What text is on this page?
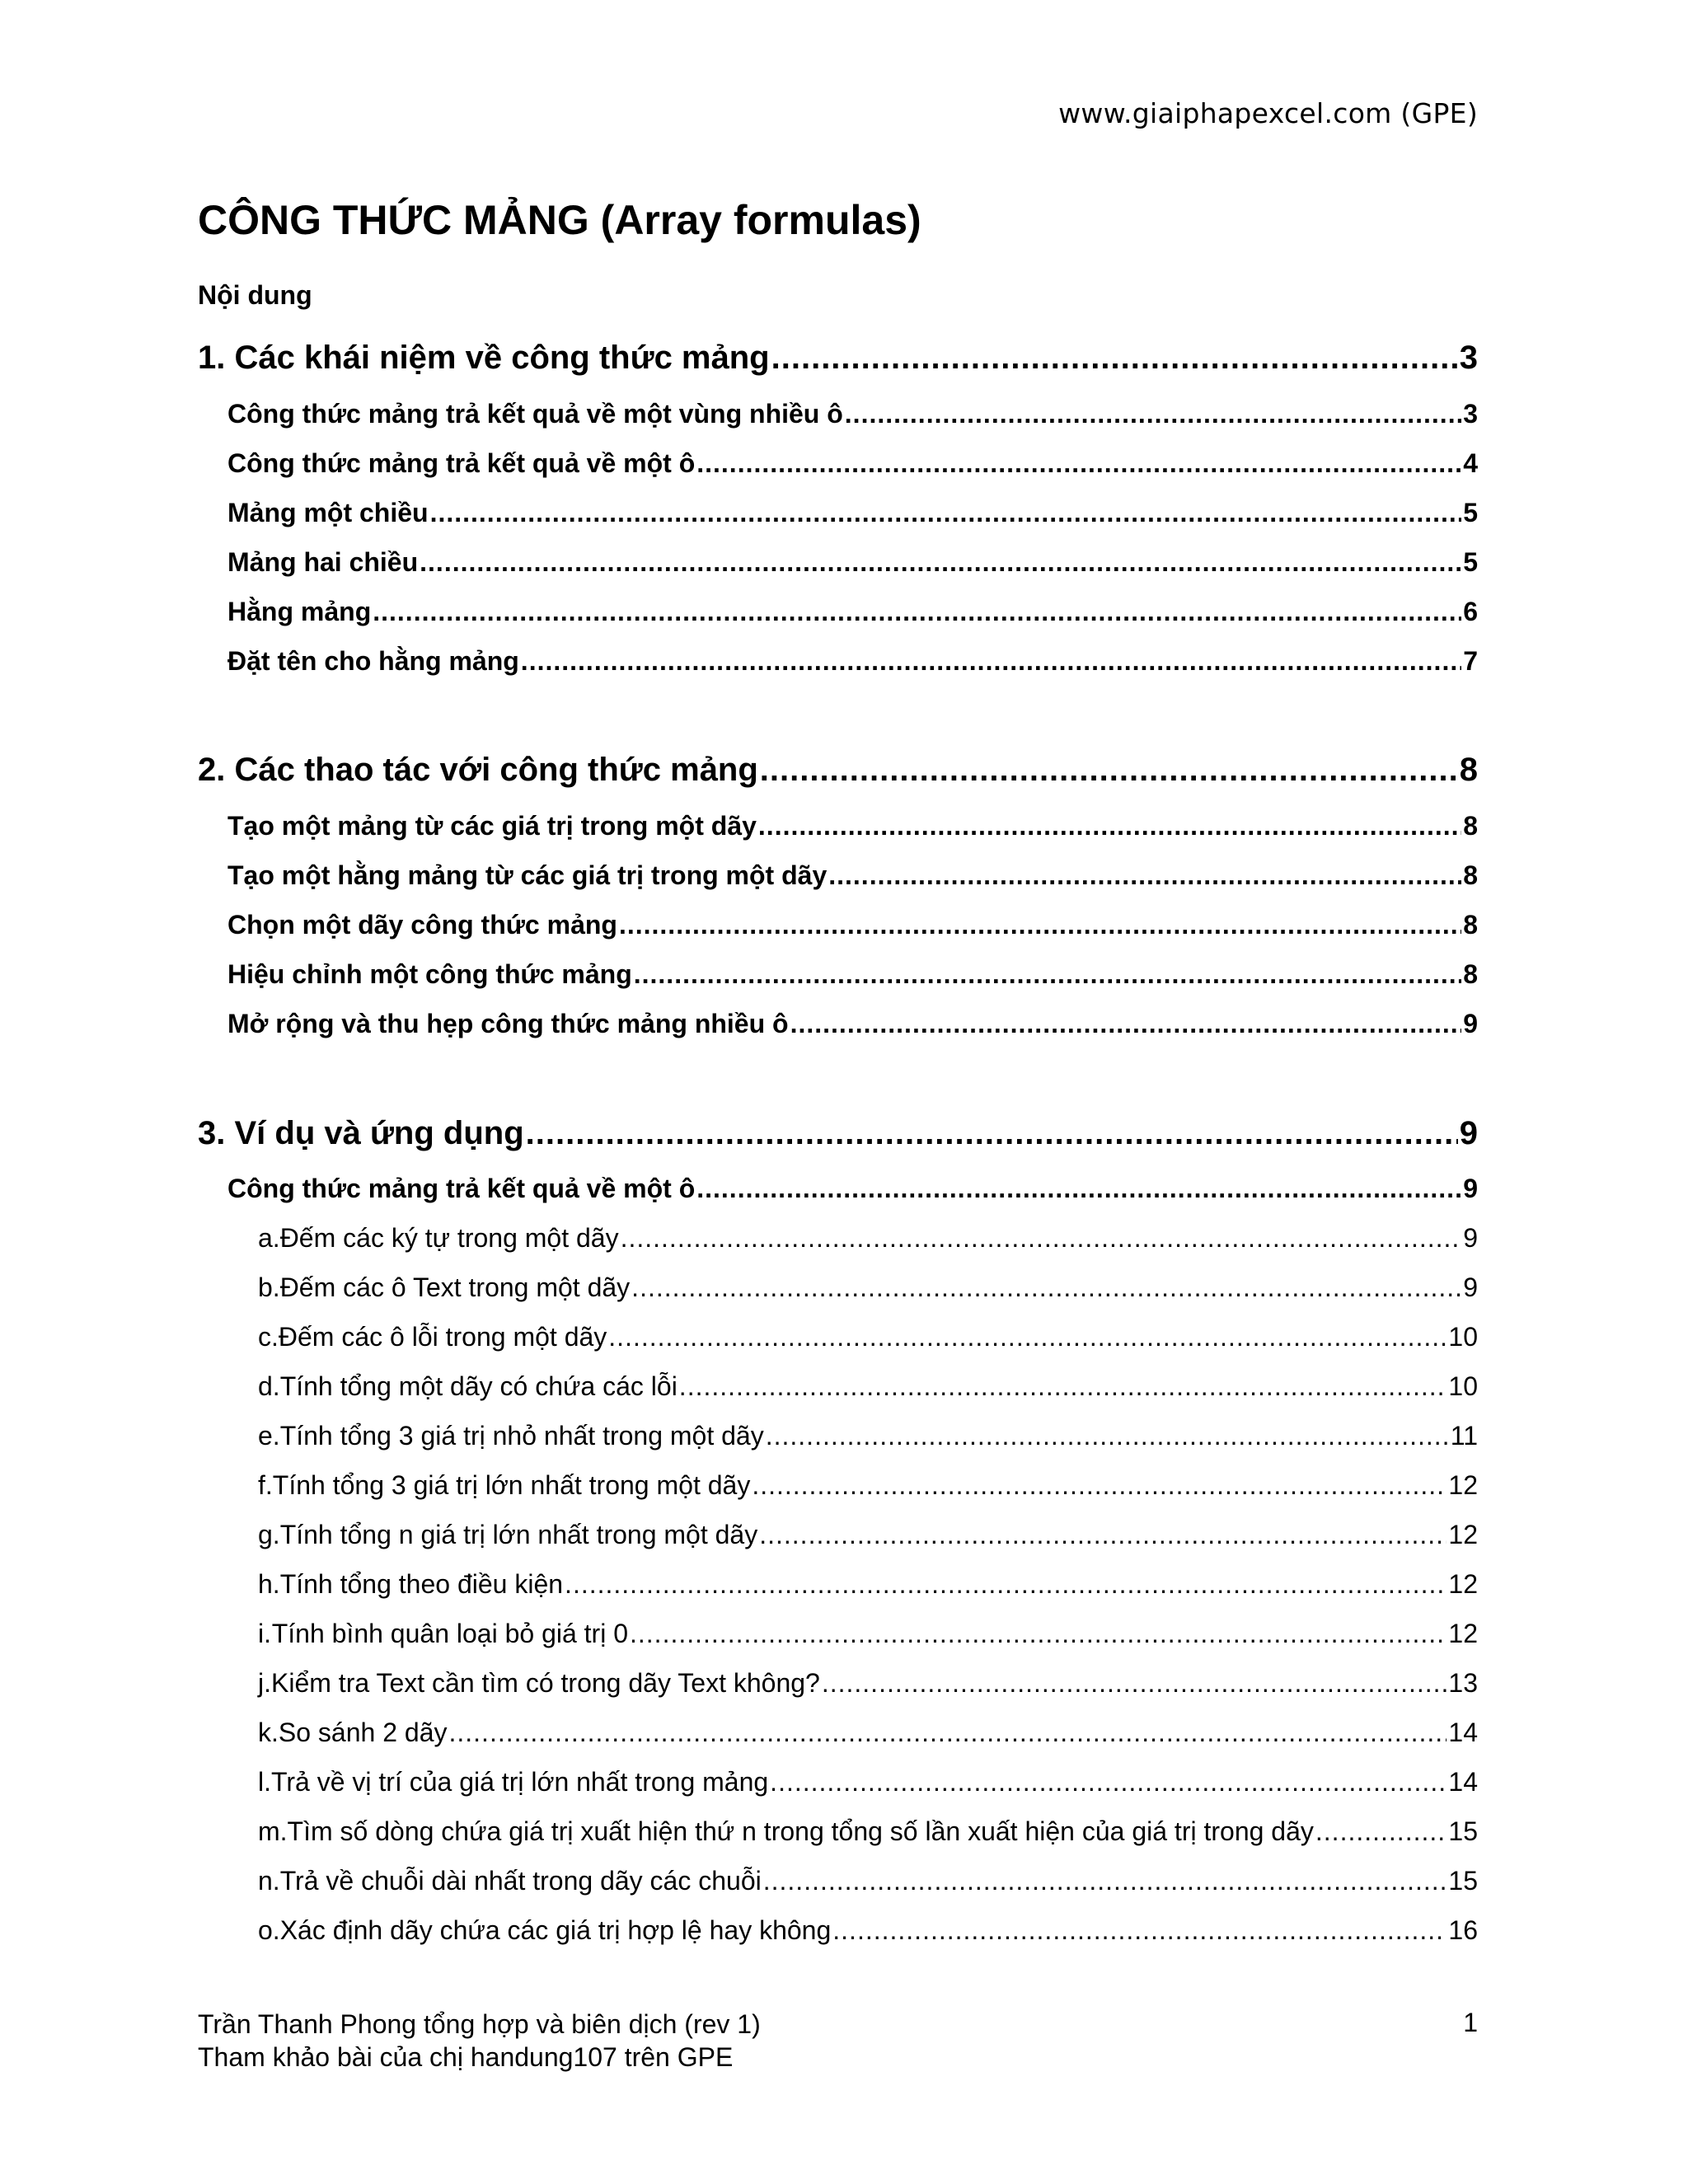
www.giaiphapexcel.com (GPE)
CÔNG THỨC MẢNG (Array formulas)
Nội dung
1. Các khái niệm về công thức mảng .....	3
Công thức mảng trả kết quả về một vùng nhiều ô .....	3
Công thức mảng trả kết quả về một ô .....	4
Mảng một chiều .....	5
Mảng hai chiều .....	5
Hằng mảng .....	6
Đặt tên cho hằng mảng .....	7
2. Các thao tác với công thức mảng .....	8
Tạo một mảng từ các giá trị trong một dãy .....	8
Tạo một hằng mảng từ các giá trị trong một dãy .....	8
Chọn một dãy công thức mảng .....	8
Hiệu chỉnh một công thức mảng .....	8
Mở rộng và thu hẹp công thức mảng nhiều ô .....	9
3. Ví dụ và ứng dụng .....	9
Công thức mảng trả kết quả về một ô .....	9
a. Đếm các ký tự trong một dãy .....	9
b. Đếm các ô Text trong một dãy .....	9
c. Đếm các ô lỗi trong một dãy .....	10
d. Tính tổng một dãy có chứa các lỗi .....	10
e. Tính tổng 3 giá trị nhỏ nhất trong một dãy .....	11
f. Tính tổng 3 giá trị lớn nhất trong một dãy .....	12
g. Tính tổng n giá trị lớn nhất trong một dãy .....	12
h. Tính tổng theo điều kiện .....	12
i. Tính bình quân loại bỏ giá trị 0 .....	12
j. Kiểm tra Text cần tìm có trong dãy Text không? .....	13
k. So sánh 2 dãy .....	14
l. Trả về vị trí của giá trị lớn nhất trong mảng .....	14
m. Tìm số dòng chứa giá trị xuất hiện thứ n trong tổng số lần xuất hiện của giá trị trong dãy .....	15
n. Trả về chuỗi dài nhất trong dãy các chuỗi .....	15
o. Xác định dãy chứa các giá trị hợp lệ hay không .....	16
Trần Thanh Phong tổng hợp và biên dịch (rev 1)
Tham khảo bài của chị handung107 trên GPE
1
